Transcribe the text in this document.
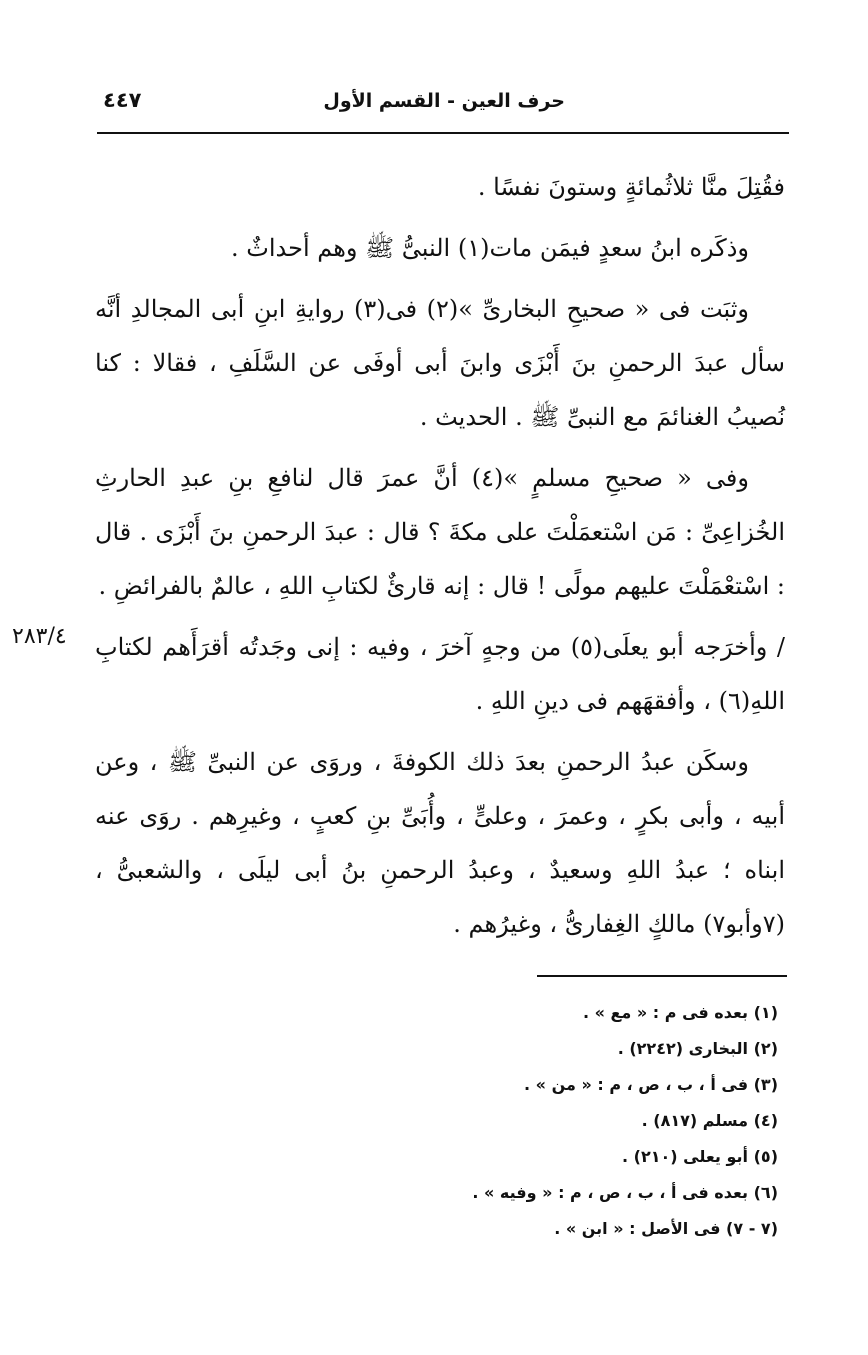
حرف العين - القسم الأول
٤٤٧

فقُتِلَ منَّا ثلاثُمائةٍ وستونَ نفسًا .

وذكَره ابنُ سعدٍ فيمَن مات(١) النبىُّ ﷺ وهم أحداثٌ .

وثبَت فى « صحيحِ البخارىِّ »(٢) فى(٣) روايةِ ابنِ أبى المجالدِ أنَّه سأل عبدَ الرحمنِ بنَ أَبْزَى وابنَ أبى أوفَى عن السَّلَفِ ، فقالا : كنا نُصيبُ الغنائمَ مع النبىِّ ﷺ . الحديث .

وفى « صحيحِ مسلمٍ »(٤) أنَّ عمرَ قال لنافعِ بنِ عبدِ الحارثِ الخُزاعِىِّ : مَن اسْتعمَلْتَ على مكةَ ؟ قال : عبدَ الرحمنِ بنَ أَبْزَى . قال : اسْتعْمَلْتَ عليهم مولًى ! قال : إنه قارئٌ لكتابِ اللهِ ، عالمٌ بالفرائضِ .

/ وأخرَجه أبو يعلَى(٥) من وجهٍ آخرَ ، وفيه : إنى وجَدتُه أقرَأَهم لكتابِ اللهِ(٦) ، وأفقهَهم فى دينِ اللهِ .

وسكَن عبدُ الرحمنِ بعدَ ذلك الكوفةَ ، وروَى عن النبىِّ ﷺ ، وعن أبيه ، وأبى بكرٍ ، وعمرَ ، وعلىٍّ ، وأُبَىِّ بنِ كعبٍ ، وغيرِهم . روَى عنه ابناه ؛ عبدُ اللهِ وسعيدٌ ، وعبدُ الرحمنِ بنُ أبى ليلَى ، والشعبىُّ ، (٧وأبو٧) مالكٍ الغِفارىُّ ، وغيرُهم .

٢٨٣/٤
(١) بعده فى م : « مع » .
(٢) البخارى (٢٢٤٢) .
(٣) فى أ ، ب ، ص ، م : « من » .
(٤) مسلم (٨١٧) .
(٥) أبو يعلى (٢١٠) .
(٦) بعده فى أ ، ب ، ص ، م : « وفيه » .
(٧ - ٧) فى الأصل : « ابن » .
